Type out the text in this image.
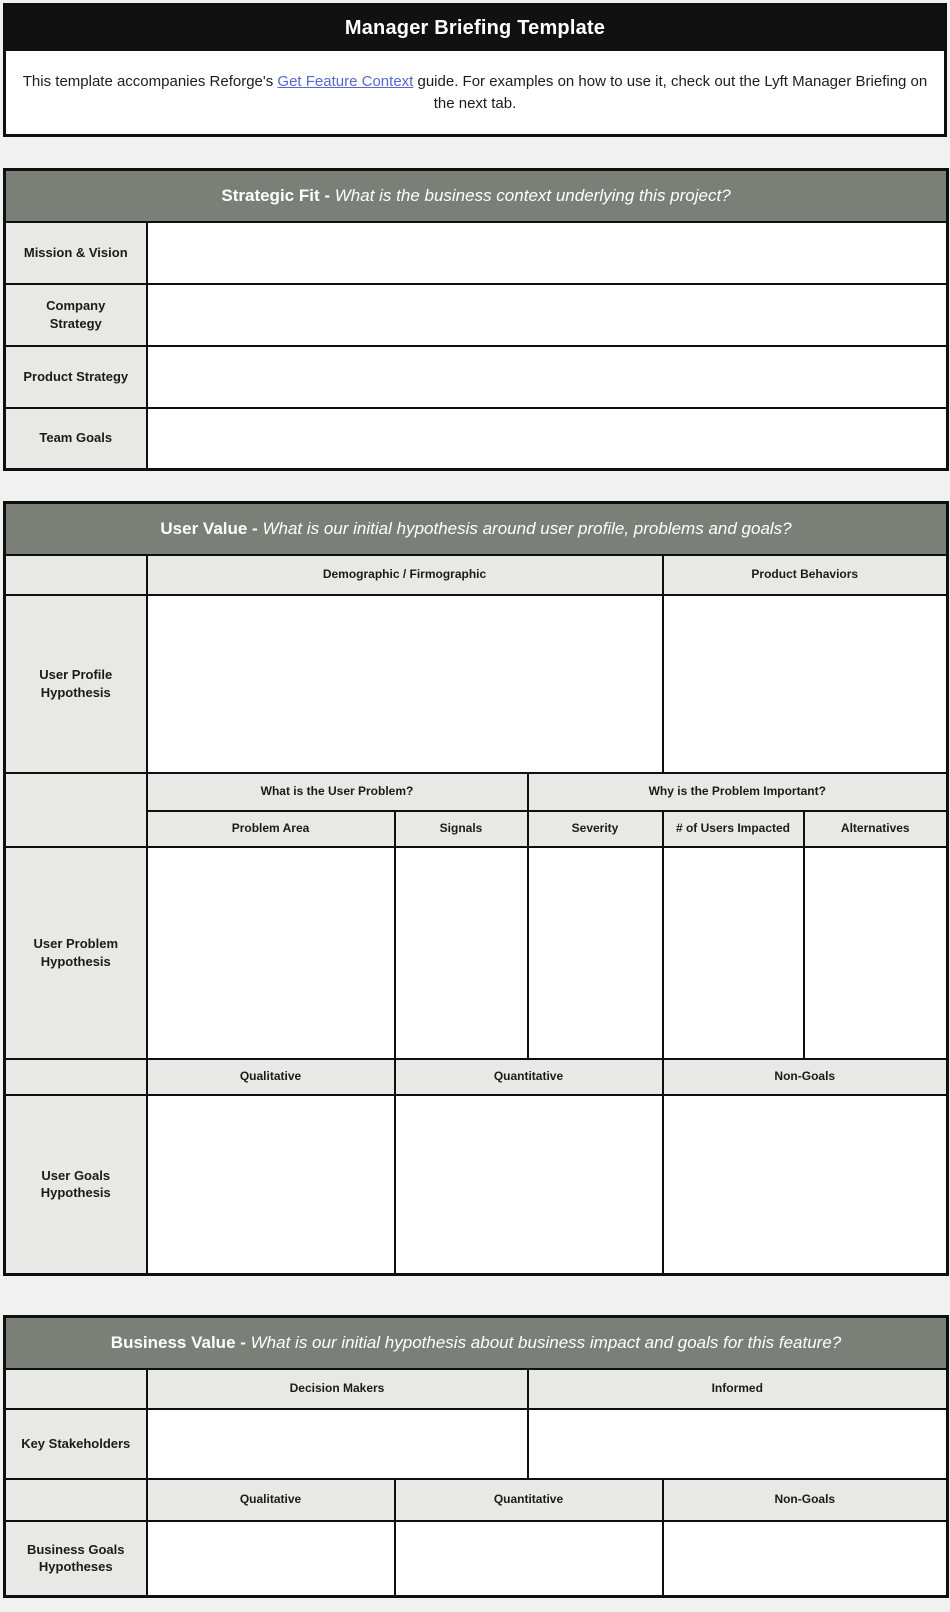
Manager Briefing Template
This template accompanies Reforge's Get Feature Context guide. For examples on how to use it, check out the Lyft Manager Briefing on the next tab.
Strategic Fit - What is the business context underlying this project?	
Mission & Vision	
Company Strategy	
Product Strategy	
Team Goals	
User Value - What is our initial hypothesis around user profile, problems and goals?					
	Demographic / Firmographic			Product Behaviors	
User Profile Hypothesis					
	What is the User Problem?		Why is the Problem Important?		
	Problem Area	Signals	Severity	# of Users Impacted	Alternatives
User Problem Hypothesis					
	Qualitative	Quantitative		Non-Goals	
User Goals Hypothesis					
Business Value - What is our initial hypothesis about business impact and goals for this feature?				
	Decision Makers		Informed	
Key Stakeholders				
	Qualitative	Quantitative		Non-Goals
Business Goals Hypotheses				
